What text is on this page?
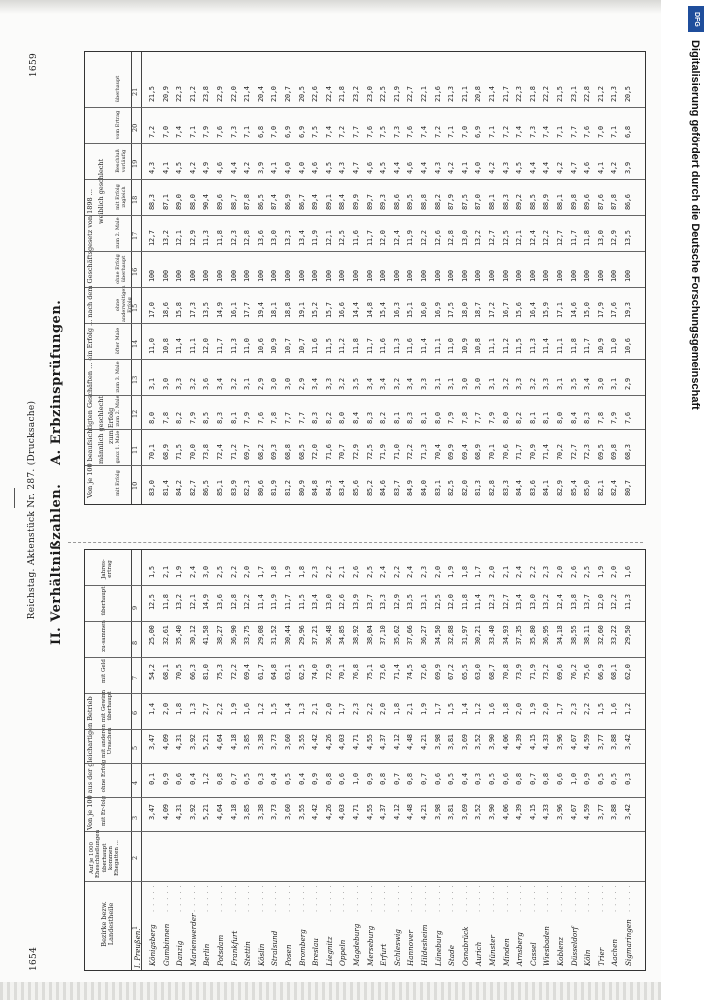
1654
Reichstag. Aktenstück Nr. 287. (Drucksache)
1659
II. Verhältnißzahlen.
A. Erbzinsprüfungen.
Bezirke bezw. Landestheile
Auf je 1000 Eheschließungen überhaupt kommen Ehegatten ...
Von je 100 aus der gleichartigen Betrieb mit Er-folg
ohne Erfolg
mit anderen Ursachen
mit Gewinn überhaupt
mit Geld
zu-sammen
überhaupt
Jahres-ertrag
1
2
3
4
5
6
7
8
9
I. Preußen. Königsberg
. . . . .
3,47
0,1
3,47
1,4
54,2
25,00
12,5
1,5
Gumbinnen
. . . . .
4,09
0,9
4,09
2,0
68,1
32,61
11,8
2,1
Danzig
. . . . .
4,31
0,6
4,31
1,8
70,5
35,40
13,2
1,9
Marienwerder
. . . . .
3,92
0,4
3,92
1,3
66,3
30,12
12,1
2,4
Berlin
. . . . .
5,21
1,2
5,21
2,7
81,0
41,58
14,9
3,0
Potsdam
. . . . .
4,64
0,8
4,64
2,2
75,3
38,27
13,6
2,5
Frankfurt
. . . . .
4,18
0,7
4,18
1,9
72,2
36,90
12,8
2,2
Stettin
. . . . .
3,85
0,5
3,85
1,6
69,4
33,75
12,2
2,0
Köslin
. . . . .
3,38
0,3
3,38
1,2
61,7
29,08
11,4
1,7
Stralsund
. . . . .
3,73
0,4
3,73
1,5
64,8
31,52
11,9
1,8
Posen
. . . . .
3,60
0,5
3,60
1,4
63,1
30,44
11,7
1,9
Bromberg
. . . . .
3,55
0,4
3,55
1,3
62,5
29,96
11,5
1,8
Breslau
. . . . .
4,42
0,9
4,42
2,1
74,0
37,21
13,4
2,3
Liegnitz
. . . . .
4,26
0,8
4,26
2,0
72,9
36,48
13,0
2,2
Oppeln
. . . . .
4,03
0,6
4,03
1,7
70,1
34,85
12,6
2,1
Magdeburg
. . . . .
4,71
1,0
4,71
2,3
76,8
38,92
13,9
2,6
Merseburg
. . . . .
4,55
0,9
4,55
2,2
75,1
38,04
13,7
2,5
Erfurt
. . . . .
4,37
0,8
4,37
2,0
73,6
37,10
13,3
2,4
Schleswig
. . . . .
4,12
0,7
4,12
1,8
71,4
35,62
12,9
2,2
Hannover
. . . . .
4,48
0,8
4,48
2,1
74,5
37,66
13,5
2,4
Hildesheim
. . . . .
4,21
0,7
4,21
1,9
72,6
36,27
13,1
2,3
Lüneburg
. . . . .
3,98
0,6
3,98
1,7
69,9
34,50
12,5
2,0
Stade
. . . . .
3,81
0,5
3,81
1,5
67,2
32,88
12,0
1,9
Osnabrück
. . . . .
3,69
0,4
3,69
1,4
65,5
31,97
11,8
1,8
Aurich
. . . . .
3,52
0,3
3,52
1,2
63,0
30,21
11,4
1,7
Münster
. . . . .
3,90
0,5
3,90
1,6
68,7
33,40
12,3
2,0
Minden
. . . . .
4,06
0,6
4,06
1,8
70,8
34,93
12,7
2,1
Arnsberg
. . . . .
4,39
0,8
4,39
2,0
73,9
37,35
13,4
2,4
Cassel
. . . . .
4,15
0,7
4,15
1,9
71,9
35,80
13,0
2,2
Wiesbaden
. . . . .
4,33
0,8
4,33
2,0
73,2
36,95
13,2
2,3
Koblenz
. . . . .
3,96
0,6
3,96
1,7
69,6
34,18
12,4
2,0
Düsseldorf
. . . . .
4,67
1,0
4,67
2,3
76,2
38,55
13,8
2,6
Köln
. . . . .
4,59
0,9
4,59
2,2
75,6
38,11
13,7
2,5
Trier
. . . . .
3,77
0,5
3,77
1,5
66,9
32,60
12,0
1,9
Aachen
. . . . .
3,88
0,5
3,88
1,6
68,1
33,22
12,2
2,0
Sigmaringen
. . . . .
3,42
0,3
3,42
1,2
62,0
29,50
11,3
1,6
Von je 100 beaufsichtigten Geschäften ... ein Erfolg ... nach dem Geschäftsgesetz von 1898 ... männlich geschlecht
weiblich geschlecht
zum Erfolg
mit Erfolg
ganz 1. Male
zum 2. Male
zum 3. Male
öfter Male
ohne anderweitigen Erfolg
ohne Erfolg überhaupt
zum 2. Male
mit Erfolg zugleich
Beschluß vorläufig
vom Ertrag
überhaupt
10
11
12
13
14
15
16
17
18
19
20
21
83,0
70,1
8,0
3,1
11,0
17,0
100
12,7
88,3
4,3
7,2
21,5
81,4
68,9
7,8
3,0
10,8
18,6
100
13,2
87,1
4,1
7,0
20,9
84,2
71,5
8,2
3,3
11,4
15,8
100
12,1
89,0
4,5
7,4
22,3
82,7
70,0
7,9
3,2
11,1
17,3
100
12,9
88,0
4,2
7,1
21,2
86,5
73,8
8,5
3,6
12,0
13,5
100
11,3
90,4
4,9
7,9
23,8
85,1
72,4
8,3
3,4
11,7
14,9
100
11,8
89,6
4,6
7,6
22,9
83,9
71,2
8,1
3,2
11,3
16,1
100
12,3
88,7
4,4
7,3
22,0
82,3
69,7
7,9
3,1
11,0
17,7
100
12,8
87,8
4,2
7,1
21,4
80,6
68,2
7,6
2,9
10,6
19,4
100
13,6
86,5
3,9
6,8
20,4
81,9
69,3
7,8
3,0
10,9
18,1
100
13,0
87,4
4,1
7,0
21,0
81,2
68,8
7,7
3,0
10,7
18,8
100
13,3
86,9
4,0
6,9
20,7
80,9
68,5
7,7
2,9
10,7
19,1
100
13,4
86,7
4,0
6,9
20,5
84,8
72,0
8,3
3,4
11,6
15,2
100
11,9
89,4
4,6
7,5
22,6
84,3
71,6
8,2
3,3
11,5
15,7
100
12,1
89,1
4,5
7,4
22,4
83,4
70,7
8,0
3,2
11,2
16,6
100
12,5
88,4
4,3
7,2
21,8
85,6
72,9
8,4
3,5
11,8
14,4
100
11,6
89,9
4,7
7,7
23,2
85,2
72,5
8,3
3,4
11,7
14,8
100
11,7
89,7
4,6
7,6
23,0
84,6
71,9
8,2
3,4
11,6
15,4
100
12,0
89,3
4,5
7,5
22,5
83,7
71,0
8,1
3,2
11,3
16,3
100
12,4
88,6
4,4
7,3
21,9
84,9
72,2
8,3
3,4
11,6
15,1
100
11,9
89,5
4,6
7,6
22,7
84,0
71,3
8,1
3,3
11,4
16,0
100
12,2
88,8
4,4
7,4
22,1
83,1
70,4
8,0
3,1
11,1
16,9
100
12,6
88,2
4,3
7,2
21,6
82,5
69,9
7,9
3,1
11,0
17,5
100
12,8
87,9
4,2
7,1
21,3
82,0
69,4
7,8
3,0
10,9
18,0
100
13,0
87,5
4,1
7,0
21,1
81,3
68,9
7,7
3,0
10,8
18,7
100
13,2
87,0
4,0
6,9
20,8
82,8
70,1
7,9
3,1
11,1
17,2
100
12,7
88,1
4,2
7,1
21,4
83,3
70,6
8,0
3,2
11,2
16,7
100
12,5
88,3
4,3
7,2
21,7
84,4
71,7
8,2
3,3
11,5
15,6
100
12,1
89,2
4,5
7,4
22,3
83,6
70,9
8,1
3,2
11,3
16,4
100
12,4
88,5
4,4
7,3
21,8
84,1
71,4
8,1
3,3
11,4
15,9
100
12,2
88,9
4,4
7,4
22,2
82,9
70,2
8,0
3,1
11,1
17,1
100
12,7
88,1
4,2
7,1
21,5
85,4
72,7
8,4
3,5
11,8
14,6
100
11,7
89,8
4,7
7,7
23,1
85,0
72,3
8,3
3,4
11,7
15,0
100
11,8
89,6
4,6
7,6
22,8
82,1
69,5
7,8
3,0
10,9
17,9
100
13,0
87,6
4,1
7,0
21,2
82,4
69,8
7,9
3,1
11,0
17,6
100
12,9
87,8
4,2
7,1
21,3
80,7
68,3
7,6
2,9
10,6
19,3
100
13,5
86,6
3,9
6,8
20,5	Digitalisierung gefördert durch die Deutsche Forschungsgemeinschaft
DFG
